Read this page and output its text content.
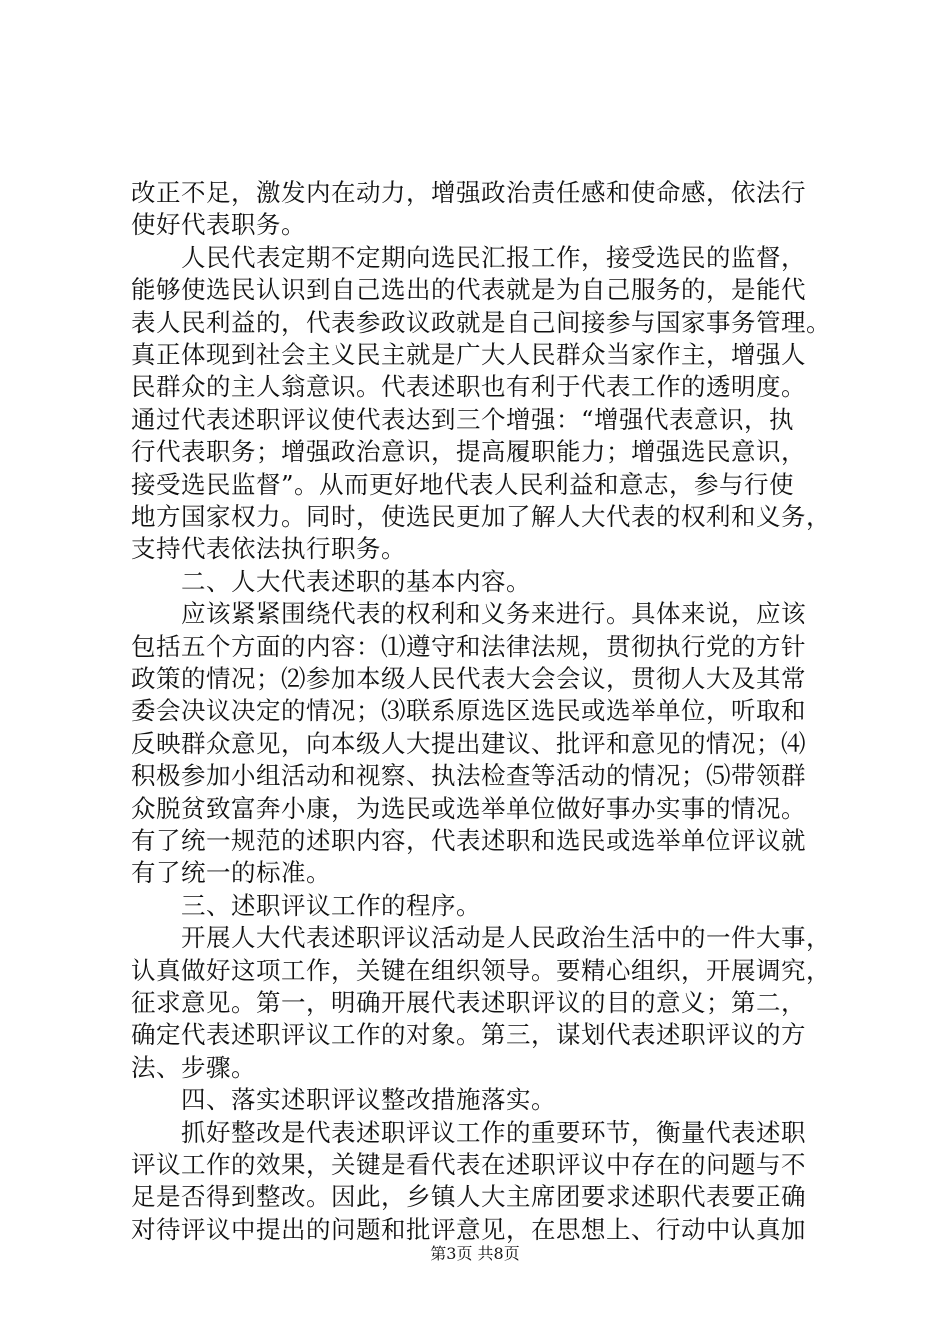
改正不足，激发内在动力，增强政治责任感和使命感，依法行
使好代表职务。
　　人民代表定期不定期向选民汇报工作，接受选民的监督，
能够使选民认识到自己选出的代表就是为自己服务的，是能代
表人民利益的，代表参政议政就是自己间接参与国家事务管理。
真正体现到社会主义民主就是广大人民群众当家作主，增强人
民群众的主人翁意识。代表述职也有利于代表工作的透明度。
通过代表述职评议使代表达到三个增强：“增强代表意识，执
行代表职务；增强政治意识，提高履职能力；增强选民意识，
接受选民监督”。从而更好地代表人民利益和意志，参与行使
地方国家权力。同时，使选民更加了解人大代表的权利和义务，
支持代表依法执行职务。
　　二、人大代表述职的基本内容。
　　应该紧紧围绕代表的权利和义务来进行。具体来说，应该
包括五个方面的内容：⑴遵守和法律法规，贯彻执行党的方针
政策的情况；⑵参加本级人民代表大会会议，贯彻人大及其常
委会决议决定的情况；⑶联系原选区选民或选举单位，听取和
反映群众意见，向本级人大提出建议、批评和意见的情况；⑷
积极参加小组活动和视察、执法检查等活动的情况；⑸带领群
众脱贫致富奔小康，为选民或选举单位做好事办实事的情况。
有了统一规范的述职内容，代表述职和选民或选举单位评议就
有了统一的标准。
　　三、述职评议工作的程序。
　　开展人大代表述职评议活动是人民政治生活中的一件大事，
认真做好这项工作，关键在组织领导。要精心组织，开展调究，
征求意见。第一，明确开展代表述职评议的目的意义；第二，
确定代表述职评议工作的对象。第三，谋划代表述职评议的方
法、步骤。
　　四、落实述职评议整改措施落实。
　　抓好整改是代表述职评议工作的重要环节，衡量代表述职
评议工作的效果，关键是看代表在述职评议中存在的问题与不
足是否得到整改。因此，乡镇人大主席团要求述职代表要正确
对待评议中提出的问题和批评意见，在思想上、行动中认真加
第3页 共8页
